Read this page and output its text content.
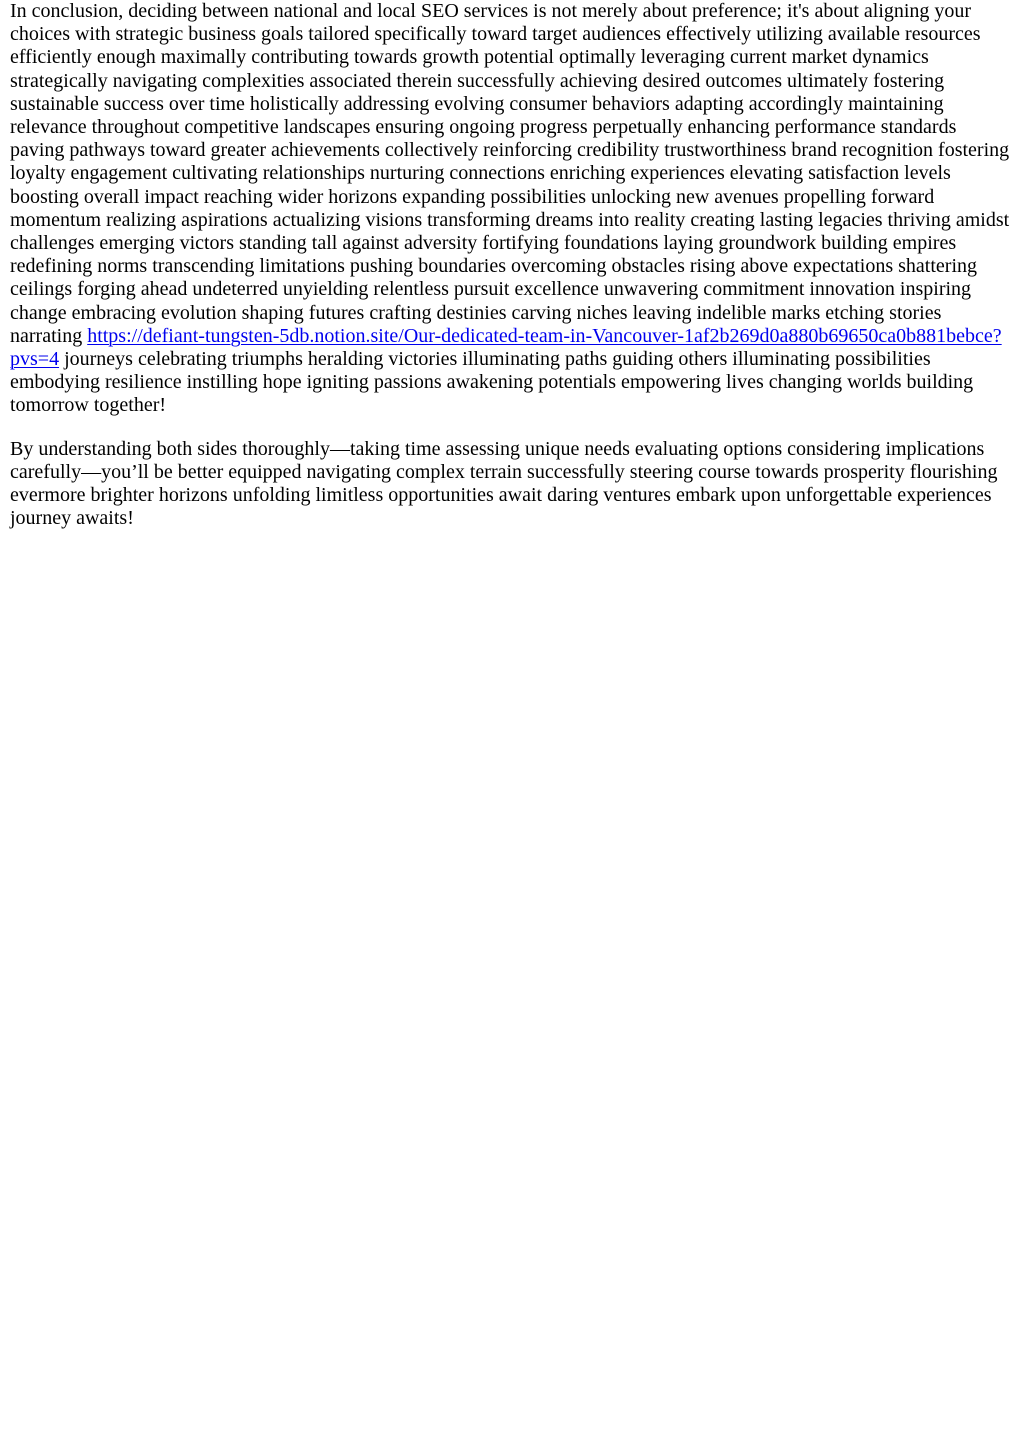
In conclusion, deciding between national and local SEO services is not merely about preference; it's about aligning your choices with strategic business goals tailored specifically toward target audiences effectively utilizing available resources efficiently enough maximally contributing towards growth potential optimally leveraging current market dynamics strategically navigating complexities associated therein successfully achieving desired outcomes ultimately fostering sustainable success over time holistically addressing evolving consumer behaviors adapting accordingly maintaining relevance throughout competitive landscapes ensuring ongoing progress perpetually enhancing performance standards paving pathways toward greater achievements collectively reinforcing credibility trustworthiness brand recognition fostering loyalty engagement cultivating relationships nurturing connections enriching experiences elevating satisfaction levels boosting overall impact reaching wider horizons expanding possibilities unlocking new avenues propelling forward momentum realizing aspirations actualizing visions transforming dreams into reality creating lasting legacies thriving amidst challenges emerging victors standing tall against adversity fortifying foundations laying groundwork building empires redefining norms transcending limitations pushing boundaries overcoming obstacles rising above expectations shattering ceilings forging ahead undeterred unyielding relentless pursuit excellence unwavering commitment innovation inspiring change embracing evolution shaping futures crafting destinies carving niches leaving indelible marks etching stories narrating https://defiant-tungsten-5db.notion.site/Our-dedicated-team-in-Vancouver-1af2b269d0a880b69650ca0b881bebce?pvs=4 journeys celebrating triumphs heralding victories illuminating paths guiding others illuminating possibilities embodying resilience instilling hope igniting passions awakening potentials empowering lives changing worlds building tomorrow together!

By understanding both sides thoroughly—taking time assessing unique needs evaluating options considering implications carefully—you’ll be better equipped navigating complex terrain successfully steering course towards prosperity flourishing evermore brighter horizons unfolding limitless opportunities await daring ventures embark upon unforgettable experiences journey awaits!
